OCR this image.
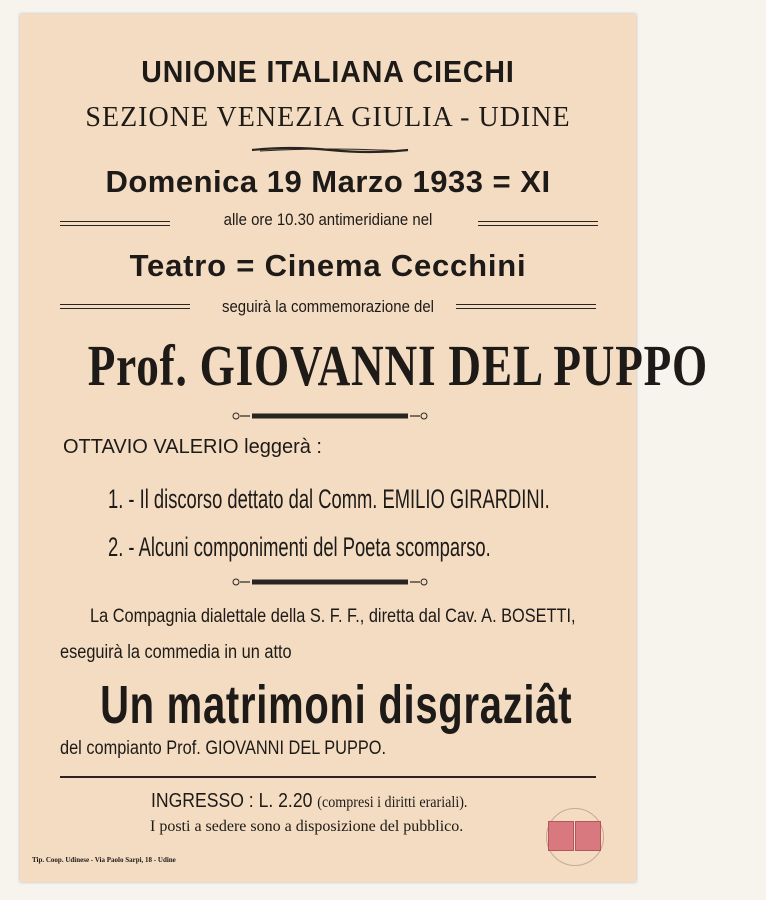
UNIONE ITALIANA CIECHI
SEZIONE VENEZIA GIULIA - UDINE
Domenica 19 Marzo 1933 = XI
alle ore 10.30 antimeridiane nel
Teatro = Cinema Cecchini
seguirà la commemorazione del
Prof. GIOVANNI DEL PUPPO
OTTAVIO VALERIO leggerà :
1. - Il discorso dettato dal Comm. EMILIO GIRARDINI.
2. - Alcuni componimenti del Poeta scomparso.
La Compagnia dialettale della S. F. F., diretta dal Cav. A. BOSETTI,
eseguirà la commedia in un atto
Un matrimoni disgraziât
del compianto Prof. GIOVANNI DEL PUPPO.
INGRESSO : L. 2.20 (compresi i diritti erariali).
I posti a sedere sono a disposizione del pubblico.
Tip. Coop. Udinese - Via Paolo Sarpi, 18 - Udine
